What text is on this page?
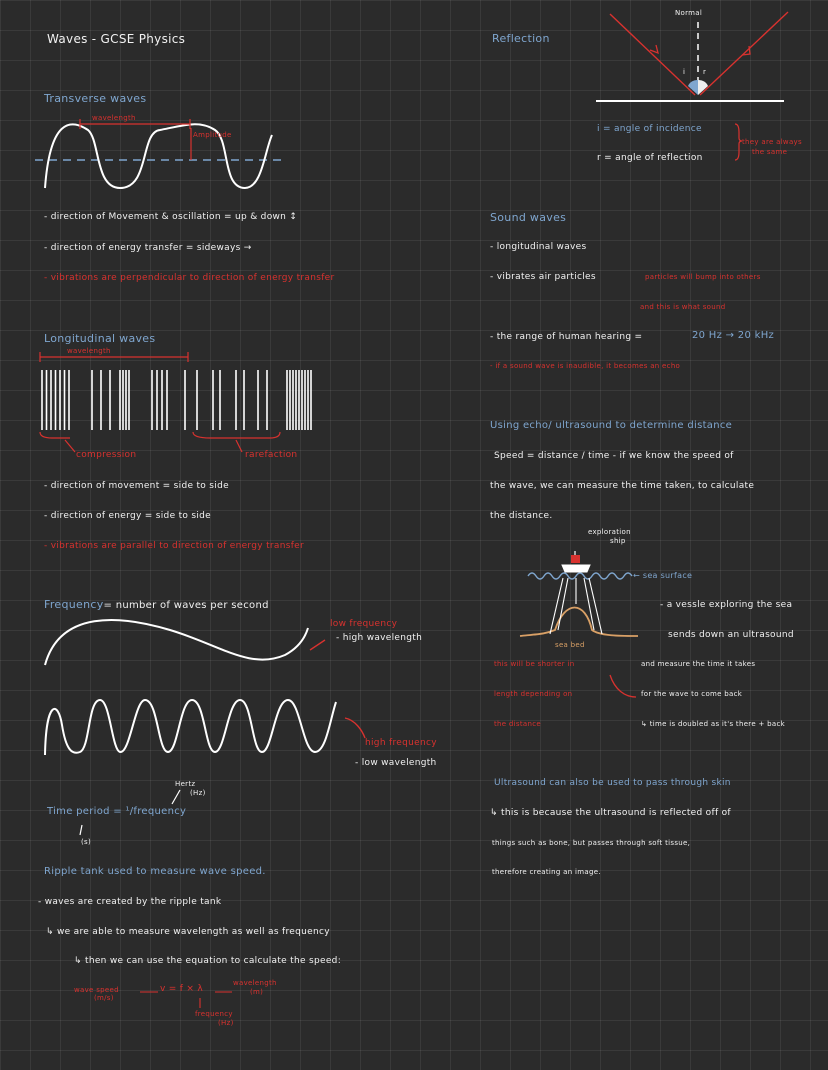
Waves - GCSE Physics
Transverse waves
wavelength
Amplitude
- direction of Movement & oscillation = up & down ↕
- direction of energy transfer = sideways →
- vibrations are perpendicular to direction of energy transfer
Longitudinal waves
wavelength
compression	rarefaction
- direction of movement = side to side
- direction of energy = side to side
- vibrations are parallel to direction of energy transfer
Frequency= number of waves per second
low frequency
- high wavelength
high frequency
- low wavelength
Hertz
(Hz)
Time period = ¹/frequency
(s)
Ripple tank used to measure wave speed.
- waves are created by the ripple tank
↳ we are able to measure wavelength as well as frequency
↳ then we can use the equation to calculate the speed:
wave speed
(m/s)
v = f × λ
wavelength
(m)
frequency
(Hz)
Reflection
Normal
i	r
i = angle of incidence
r = angle of reflection
they are always
the same
Sound waves
- longitudinal waves
- vibrates air particles	particles will bump into others
and this is what sound
- the range of human hearing =	20 Hz → 20 kHz
- if a sound wave is inaudible, it becomes an echo
Using echo/ ultrasound to determine distance
Speed = distance / time - if we know the speed of
the wave, we can measure the time taken, to calculate
the distance.
exploration
ship
← sea surface
sea bed
- a vessle exploring the sea
sends down an ultrasound
and measure the time it takes
for the wave to come back
↳ time is doubled as it's there + back
this will be shorter in
length depending on
the distance
Ultrasound can also be used to pass through skin
↳ this is because the ultrasound is reflected off of
things such as bone, but passes through soft tissue,
therefore creating an image.
